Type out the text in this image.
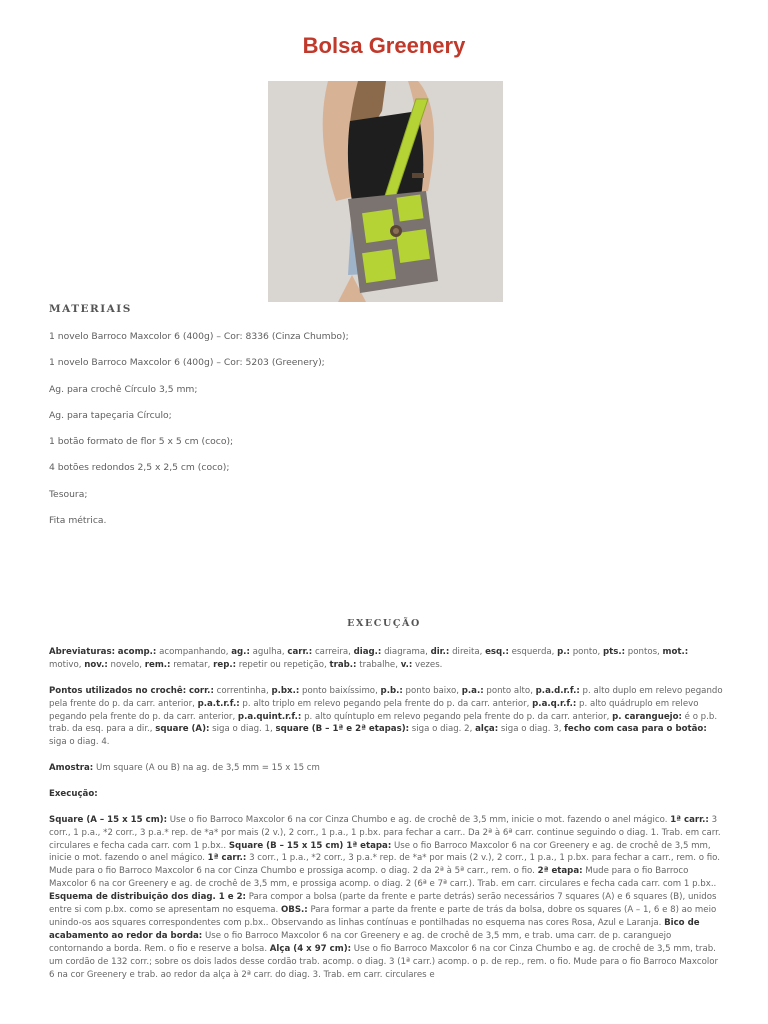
Bolsa Greenery
MATERIAIS
1 novelo Barroco Maxcolor 6 (400g) – Cor: 8336 (Cinza Chumbo);
1 novelo Barroco Maxcolor 6 (400g) – Cor: 5203 (Greenery);
Ag. para crochê Círculo 3,5 mm;
Ag. para tapeçaria Círculo;
1 botão formato de flor 5 x 5 cm (coco);
4 botões redondos 2,5 x 2,5 cm (coco);
Tesoura;
Fita métrica.
EXECUÇÃO

Abreviaturas: acomp.: acompanhando, ag.: agulha, carr.: carreira, diag.: diagrama, dir.: direita, esq.: esquerda, p.: ponto, pts.: pontos, mot.: motivo, nov.: novelo, rem.: rematar, rep.: repetir ou repetição, trab.: trabalhe, v.: vezes.

Pontos utilizados no crochê: corr.: correntinha, p.bx.: ponto baixíssimo, p.b.: ponto baixo, p.a.: ponto alto, p.a.d.r.f.: p. alto duplo em relevo pegando pela frente do p. da carr. anterior, p.a.t.r.f.: p. alto triplo em relevo pegando pela frente do p. da carr. anterior, p.a.q.r.f.: p. alto quádruplo em relevo pegando pela frente do p. da carr. anterior, p.a.quint.r.f.: p. alto quíntuplo em relevo pegando pela frente do p. da carr. anterior, p. caranguejo: é o p.b. trab. da esq. para a dir., square (A): siga o diag. 1, square (B – 1ª e 2ª etapas): siga o diag. 2, alça: siga o diag. 3, fecho com casa para o botão: siga o diag. 4.

Amostra: Um square (A ou B) na ag. de 3,5 mm = 15 x 15 cm

Execução:

Square (A – 15 x 15 cm): Use o fio Barroco Maxcolor 6 na cor Cinza Chumbo e ag. de crochê de 3,5 mm, inicie o mot. fazendo o anel mágico. 1ª carr.: 3 corr., 1 p.a., *2 corr., 3 p.a.* rep. de *a* por mais (2 v.), 2 corr., 1 p.a., 1 p.bx. para fechar a carr.. Da 2ª à 6ª carr. continue seguindo o diag. 1. Trab. em carr. circulares e fecha cada carr. com 1 p.bx.. Square (B – 15 x 15 cm) 1ª etapa: Use o fio Barroco Maxcolor 6 na cor Greenery e ag. de crochê de 3,5 mm, inicie o mot. fazendo o anel mágico. 1ª carr.: 3 corr., 1 p.a., *2 corr., 3 p.a.* rep. de *a* por mais (2 v.), 2 corr., 1 p.a., 1 p.bx. para fechar a carr., rem. o fio. Mude para o fio Barroco Maxcolor 6 na cor Cinza Chumbo e prossiga acomp. o diag. 2 da 2ª à 5ª carr., rem. o fio. 2ª etapa: Mude para o fio Barroco Maxcolor 6 na cor Greenery e ag. de crochê de 3,5 mm, e prossiga acomp. o diag. 2 (6ª e 7ª carr.). Trab. em carr. circulares e fecha cada carr. com 1 p.bx.. Esquema de distribuição dos diag. 1 e 2: Para compor a bolsa (parte da frente e parte detrás) serão necessários 7 squares (A) e 6 squares (B), unidos entre si com p.bx. como se apresentam no esquema. OBS.: Para formar a parte da frente e parte de trás da bolsa, dobre os squares (A – 1, 6 e 8) ao meio unindo-os aos squares correspondentes com p.bx.. Observando as linhas contínuas e pontilhadas no esquema nas cores Rosa, Azul e Laranja. Bico de acabamento ao redor da borda: Use o fio Barroco Maxcolor 6 na cor Greenery e ag. de crochê de 3,5 mm, e trab. uma carr. de p. caranguejo contornando a borda. Rem. o fio e reserve a bolsa. Alça (4 x 97 cm): Use o fio Barroco Maxcolor 6 na cor Cinza Chumbo e ag. de crochê de 3,5 mm, trab. um cordão de 132 corr.; sobre os dois lados desse cordão trab. acomp. o diag. 3 (1ª carr.) acomp. o p. de rep., rem. o fio. Mude para o fio Barroco Maxcolor 6 na cor Greenery e trab. ao redor da alça à 2ª carr. do diag. 3. Trab. em carr. circulares e
